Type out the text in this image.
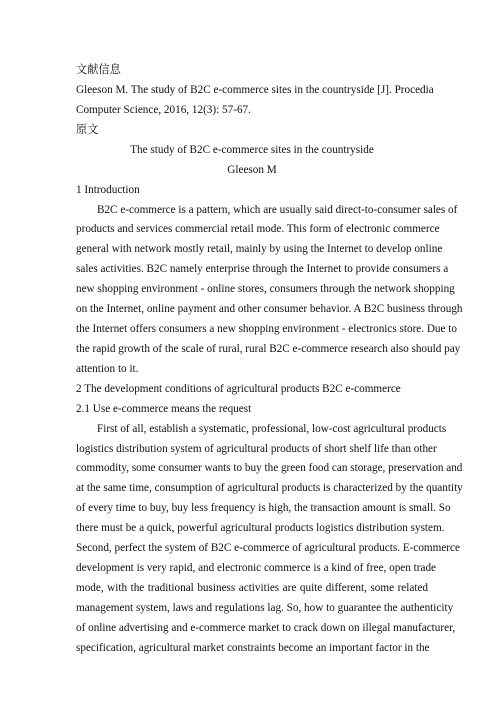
文献信息
Gleeson M. The study of B2C e-commerce sites in the countryside [J]. Procedia
Computer Science, 2016, 12(3): 57-67.
原文
The study of B2C e-commerce sites in the countryside
Gleeson M
1 Introduction
B2C e-commerce is a pattern, which are usually said direct-to-consumer sales of
products and services commercial retail mode. This form of electronic commerce
general with network mostly retail, mainly by using the Internet to develop online
sales activities. B2C namely enterprise through the Internet to provide consumers a
new shopping environment - online stores, consumers through the network shopping
on the Internet, online payment and other consumer behavior. A B2C business through
the Internet offers consumers a new shopping environment - electronics store. Due to
the rapid growth of the scale of rural, rural B2C e-commerce research also should pay
attention to it.
2 The development conditions of agricultural products B2C e-commerce
2.1 Use e-commerce means the request
First of all, establish a systematic, professional, low-cost agricultural products
logistics distribution system of agricultural products of short shelf life than other
commodity, some consumer wants to buy the green food can storage, preservation and
at the same time, consumption of agricultural products is characterized by the quantity
of every time to buy, buy less frequency is high, the transaction amount is small. So
there must be a quick, powerful agricultural products logistics distribution system.
Second, perfect the system of B2C e-commerce of agricultural products. E-commerce
development is very rapid, and electronic commerce is a kind of free, open trade
mode, with the traditional business activities are quite different, some related
management system, laws and regulations lag. So, how to guarantee the authenticity
of online advertising and e-commerce market to crack down on illegal manufacturer,
specification, agricultural market constraints become an important factor in the
